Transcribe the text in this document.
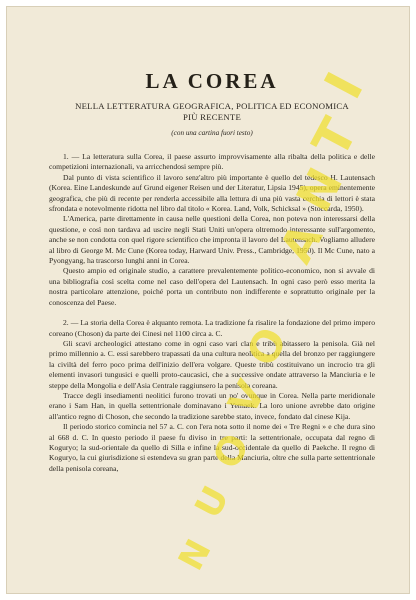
LA COREA

NELLA LETTERATURA GEOGRAFICA, POLITICA ED ECONOMICA
PIÙ RECENTE

(con una cartina fuori testo)

1. — La letteratura sulla Corea, il paese assurto improvvisamente alla ribalta della politica e delle competizioni internazionali, va arricchendosi sempre più.

Dal punto di vista scientifico il lavoro senz'altro più importante è quello del tedesco H. Lautensach (Korea. Eine Landeskunde auf Grund eigener Reisen und der Literatur, Lipsia 1945), opera eminentemente geografica, che più di recente per renderla accessibile alla lettura di una più vasta cerchia di lettori è stata sfrondata e notevolmente ridotta nel libro dal titolo « Korea. Land, Volk, Schicksal » (Stoccarda, 1950).

L'America, parte direttamente in causa nelle questioni della Corea, non poteva non interessarsi della questione, e così non tardava ad uscire negli Stati Uniti un'opera oltremodo interessante sull'argomento, anche se non condotta con quel rigore scientifico che impronta il lavoro del Lautensach. Vogliamo alludere al libro di George M. Mc Cune (Korea today, Harward Univ. Press., Cambridge, 1950). Il Mc Cune, nato a Pyongyang, ha trascorso lunghi anni in Corea.

Questo ampio ed originale studio, a carattere prevalentemente politico-economico, non si avvale di una bibliografia così scelta come nel caso dell'opera del Lautensach. In ogni caso però esso merita la nostra particolare attenzione, poiché porta un contributo non indifferente e soprattutto originale per la conoscenza del Paese.

2. — La storia della Corea è alquanto remota. La tradizione fa risalire la fondazione del primo impero coreano (Choson) da parte dei Cinesi nel 1100 circa a. C.

Gli scavi archeologici attestano come in ogni caso vari clan e tribù abitassero la penisola. Già nel primo millennio a. C. essi sarebbero trapassati da una cultura neolitica a quella del bronzo per raggiungere la civiltà del ferro poco prima dell'inizio dell'era volgare. Queste tribù costituivano un incrocio tra gli elementi invasori tungusici e quelli proto-caucasici, che a successive ondate attraverso la Manciuria e le steppe della Mongolia e dell'Asia Centrale raggiunsero la penisola coreana.

Tracce degli insediamenti neolitici furono trovati un po' ovunque in Corea. Nella parte meridionale erano i Sam Han, in quella settentrionale dominavano i Yemaek. La loro unione avrebbe dato origine all'antico regno di Choson, che secondo la tradizione sarebbe stato, invece, fondato dal cinese Kija.

Il periodo storico comincia nel 57 a. C. con l'era nota sotto il nome dei « Tre Regni » e che dura sino al 668 d. C. In questo periodo il paese fu diviso in tre parti: la settentrionale, occupata dal regno di Koguryo; la sud-orientale da quello di Silla e infine la sud-occidentale da quello di Paekche. Il regno di Koguryo, la cui giurisdizione si estendeva su gran parte della Manciuria, oltre che sulla parte settentrionale della penisola coreana,

N
U
O
V
O
A
N
T
I
